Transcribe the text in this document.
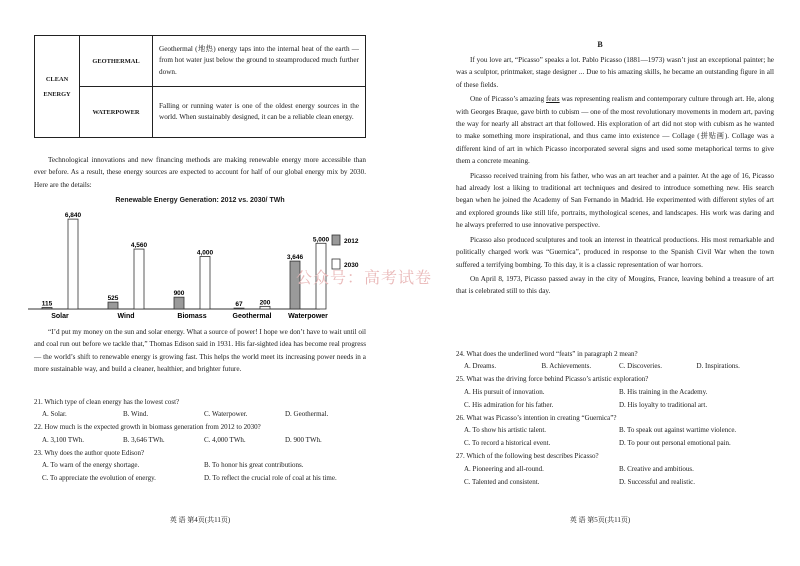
CLEAN ENERGY	GEOTHERMAL	Geothermal (地热) energy taps into the internal heat of the earth — from hot water just below the ground to steamproduced much further down.
	WATERPOWER	Falling or running water is one of the oldest energy sources in the world. When sustainably designed, it can be a reliable clean energy.

Technological innovations and new financing methods are making renewable energy more accessible than ever before. As a result, these energy sources are expected to account for half of our global energy mix by 2030. Here are the details:

Renewable Energy Generation: 2012 vs. 2030/ TWh
115
6,840
Solar
525
4,560
Wind
900
4,000
Biomass
67	200
Geothermal
3,646
5,000
Waterpower
2012
2030

“I’d put my money on the sun and solar energy. What a source of power! I hope we don’t have to wait until oil and coal run out before we tackle that,” Thomas Edison said in 1931. His far-sighted idea has become real progress — the world’s shift to renewable energy is growing fast. This helps the world meet its increasing power needs in a more sustainable way, and build a cleaner, healthier, and brighter future.

21. Which type of clean energy has the lowest cost?
A. Solar.	B. Wind.	C. Waterpower.	D. Geothermal.
22. How much is the expected growth in biomass generation from 2012 to 2030?
A. 3,100 TWh.	B. 3,646 TWh.	C. 4,000 TWh.	D. 900 TWh.
23. Why does the author quote Edison?
A. To warn of the energy shortage.	B. To honor his great contributions.
C. To appreciate the evolution of energy.	D. To reflect the crucial role of coal at his time.
英 语 第4页(共11页)
B

If you love art, “Picasso” speaks a lot. Pablo Picasso (1881—1973) wasn’t just an exceptional painter; he was a sculptor, printmaker, stage designer ... Due to his amazing skills, he became an outstanding figure in all of these fields.

One of Picasso’s amazing feats was representing realism and contemporary culture through art. He, along with Georges Braque, gave birth to cubism — one of the most revolutionary movements in modern art, paving the way for nearly all abstract art that followed. His exploration of art did not stop with cubism as he wanted to make something more inspirational, and thus came into existence — Collage (拼贴画). Collage was a different kind of art in which Picasso incorporated several signs and used some metaphorical terms to give them a concrete meaning.

Picasso received training from his father, who was an art teacher and a painter. At the age of 16, Picasso had already lost a liking to traditional art techniques and desired to introduce something new. His search began when he joined the Academy of San Fernando in Madrid. He experimented with different styles of art and explored grounds like still life, portraits, mythological scenes, and landscapes. His work was daring and he always preferred to use innovative perspective.

Picasso also produced sculptures and took an interest in theatrical productions. His most remarkable and politically charged work was “Guernica”, produced in response to the Spanish Civil War when the town suffered a terrifying bombing. To this day, it is a classic representation of war horrors.

On April 8, 1973, Picasso passed away in the city of Mougins, France, leaving behind a treasure of art that is celebrated still to this day.

24. What does the underlined word “feats” in paragraph 2 mean?
A. Dreams.	B. Achievements.	C. Discoveries.	D. Inspirations.
25. What was the driving force behind Picasso’s artistic exploration?
A. His pursuit of innovation.	B. His training in the Academy.
C. His admiration for his father.	D. His loyalty to traditional art.
26. What was Picasso’s intention in creating “Guernica”?
A. To show his artistic talent.	B. To speak out against wartime violence.
C. To record a historical event.	D. To pour out personal emotional pain.
27. Which of the following best describes Picasso?
A. Pioneering and all-round.	B. Creative and ambitious.
C. Talented and consistent.	D. Successful and realistic.
英 语 第5页(共11页)
公众号：高考试卷
